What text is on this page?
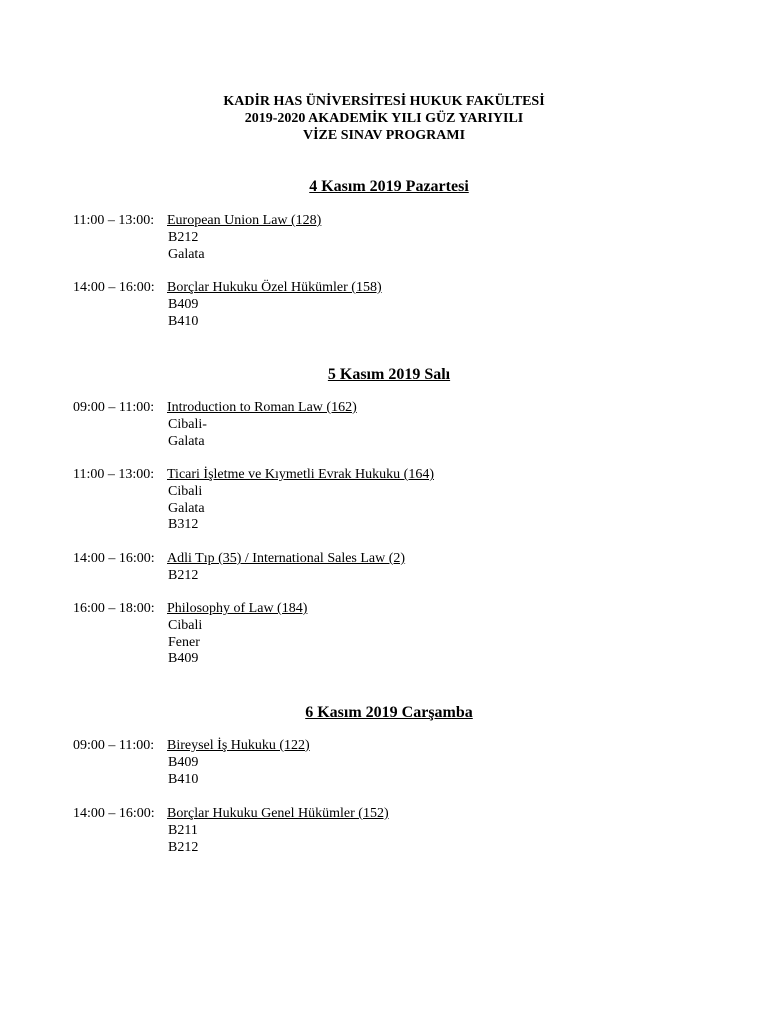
KADİR HAS ÜNİVERSİTESİ HUKUK FAKÜLTESİ
2019-2020 AKADEMİK YILI GÜZ YARIYILI
VİZE SINAV PROGRAMI
4 Kasım 2019 Pazartesi
11:00 – 13:00: European Union Law (128)
B212
Galata
14:00 – 16:00: Borçlar Hukuku Özel Hükümler (158)
B409
B410
5 Kasım 2019 Salı
09:00 – 11:00: Introduction to Roman Law (162)
Cibali-
Galata
11:00 – 13:00: Ticari İşletme ve Kıymetli Evrak Hukuku (164)
Cibali
Galata
B312
14:00 – 16:00: Adli Tıp (35) / International Sales Law (2)
B212
16:00 – 18:00: Philosophy of Law (184)
Cibali
Fener
B409
6 Kasım 2019 Carşamba
09:00 – 11:00: Bireysel İş Hukuku (122)
B409
B410
14:00 – 16:00: Borçlar Hukuku Genel Hükümler (152)
B211
B212
